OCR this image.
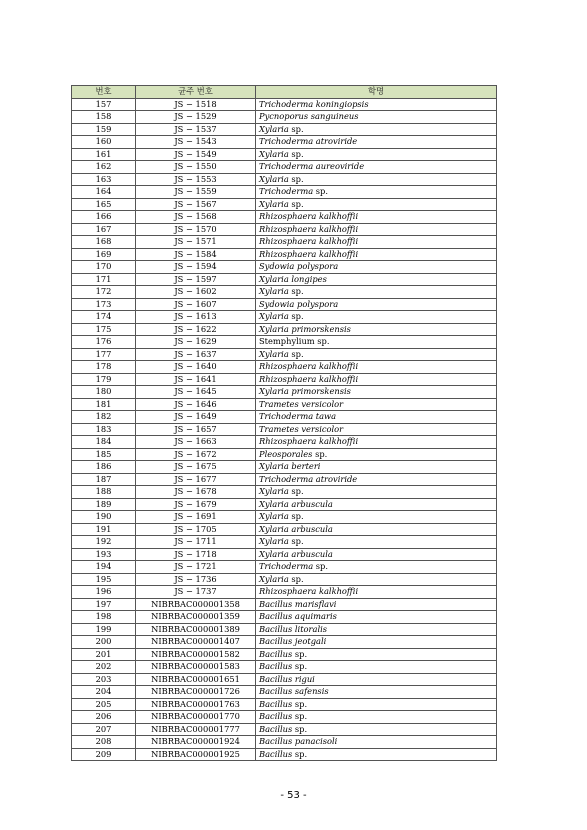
번호	균주 번호	학명
157	JS − 1518	Trichoderma koningiopsis
158	JS − 1529	Pycnoporus sanguineus
159	JS − 1537	Xylaria sp.
160	JS − 1543	Trichoderma atroviride
161	JS − 1549	Xylaria sp.
162	JS − 1550	Trichoderma aureoviride
163	JS − 1553	Xylaria sp.
164	JS − 1559	Trichoderma sp.
165	JS − 1567	Xylaria sp.
166	JS − 1568	Rhizosphaera kalkhoffii
167	JS − 1570	Rhizosphaera kalkhoffii
168	JS − 1571	Rhizosphaera kalkhoffii
169	JS − 1584	Rhizosphaera kalkhoffii
170	JS − 1594	Sydowia polyspora
171	JS − 1597	Xylaria longipes
172	JS − 1602	Xylaria sp.
173	JS − 1607	Sydowia polyspora
174	JS − 1613	Xylaria sp.
175	JS − 1622	Xylaria primorskensis
176	JS − 1629	Stemphylium sp.
177	JS − 1637	Xylaria sp.
178	JS − 1640	Rhizosphaera kalkhoffii
179	JS − 1641	Rhizosphaera kalkhoffii
180	JS − 1645	Xylaria primorskensis
181	JS − 1646	Trametes versicolor
182	JS − 1649	Trichoderma tawa
183	JS − 1657	Trametes versicolor
184	JS − 1663	Rhizosphaera kalkhoffii
185	JS − 1672	Pleosporales sp.
186	JS − 1675	Xylaria berteri
187	JS − 1677	Trichoderma atroviride
188	JS − 1678	Xylaria sp.
189	JS − 1679	Xylaria arbuscula
190	JS − 1691	Xylaria sp.
191	JS − 1705	Xylaria arbuscula
192	JS − 1711	Xylaria sp.
193	JS − 1718	Xylaria arbuscula
194	JS − 1721	Trichoderma sp.
195	JS − 1736	Xylaria sp.
196	JS − 1737	Rhizosphaera kalkhoffii
197	NIBRBAC000001358	Bacillus marisflavi
198	NIBRBAC000001359	Bacillus aquimaris
199	NIBRBAC000001389	Bacillus litoralis
200	NIBRBAC000001407	Bacillus jeotgali
201	NIBRBAC000001582	Bacillus sp.
202	NIBRBAC000001583	Bacillus sp.
203	NIBRBAC000001651	Bacillus rigui
204	NIBRBAC000001726	Bacillus safensis
205	NIBRBAC000001763	Bacillus sp.
206	NIBRBAC000001770	Bacillus sp.
207	NIBRBAC000001777	Bacillus sp.
208	NIBRBAC000001924	Bacillus panacisoli
209	NIBRBAC000001925	Bacillus sp.
- 53 -
